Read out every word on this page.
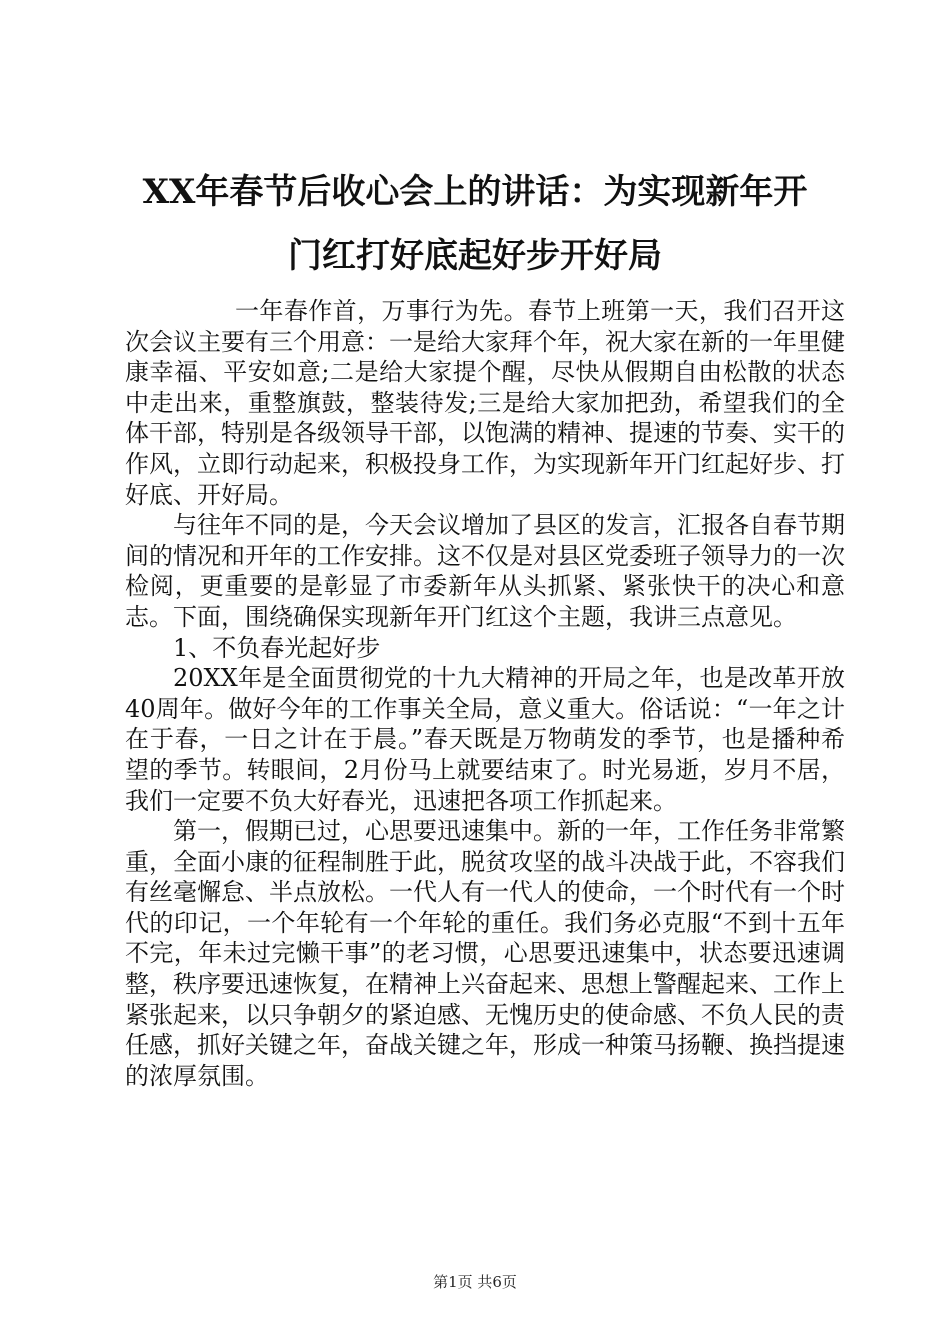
XX年春节后收心会上的讲话：为实现新年开
门红打好底起好步开好局

一年春作首，万事行为先。春节上班第一天，我们召开这次会议主要有三个用意：一是给大家拜个年，祝大家在新的一年里健康幸福、平安如意;二是给大家提个醒，尽快从假期自由松散的状态中走出来，重整旗鼓，整装待发;三是给大家加把劲，希望我们的全体干部，特别是各级领导干部，以饱满的精神、提速的节奏、实干的作风，立即行动起来，积极投身工作，为实现新年开门红起好步、打好底、开好局。

与往年不同的是，今天会议增加了县区的发言，汇报各自春节期间的情况和开年的工作安排。这不仅是对县区党委班子领导力的一次检阅，更重要的是彰显了市委新年从头抓紧、紧张快干的决心和意志。下面，围绕确保实现新年开门红这个主题，我讲三点意见。

1、不负春光起好步

20XX年是全面贯彻党的十九大精神的开局之年，也是改革开放40周年。做好今年的工作事关全局，意义重大。俗话说：“一年之计在于春，一日之计在于晨。”春天既是万物萌发的季节，也是播种希望的季节。转眼间，2月份马上就要结束了。时光易逝，岁月不居，我们一定要不负大好春光，迅速把各项工作抓起来。

第一，假期已过，心思要迅速集中。新的一年，工作任务非常繁重，全面小康的征程制胜于此，脱贫攻坚的战斗决战于此，不容我们有丝毫懈怠、半点放松。一代人有一代人的使命，一个时代有一个时代的印记，一个年轮有一个年轮的重任。我们务必克服“不到十五年不完，年未过完懒干事”的老习惯，心思要迅速集中，状态要迅速调整，秩序要迅速恢复，在精神上兴奋起来、思想上警醒起来、工作上紧张起来，以只争朝夕的紧迫感、无愧历史的使命感、不负人民的责任感，抓好关键之年，奋战关键之年，形成一种策马扬鞭、换挡提速的浓厚氛围。

第1页 共6页
